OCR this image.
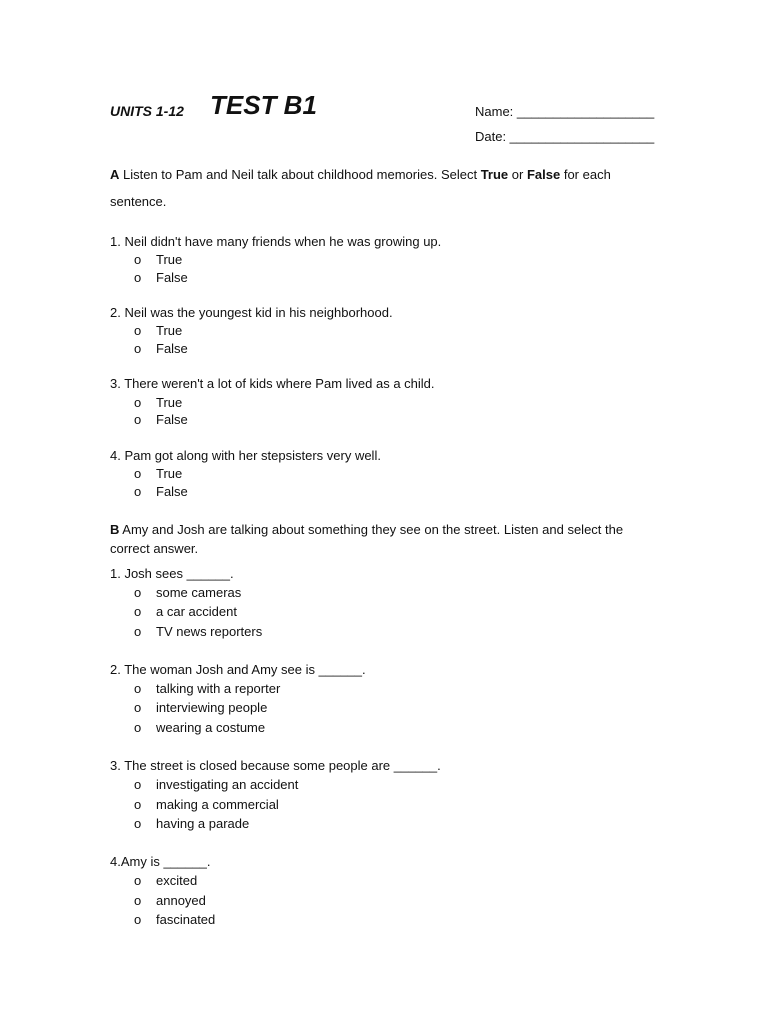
UNITS 1-12 TEST B1	Name: ___________________
Date: ____________________
A Listen to Pam and Neil talk about childhood memories. Select True or False for each sentence.
1. Neil didn't have many friends when he was growing up.
o True
o False
2. Neil was the youngest kid in his neighborhood.
o True
o False
3. There weren't a lot of kids where Pam lived as a child.
o True
o False
4. Pam got along with her stepsisters very well.
o True
o False
B Amy and Josh are talking about something they see on the street. Listen and select the correct answer.
1. Josh sees ______.
o some cameras
o a car accident
o TV news reporters
2. The woman Josh and Amy see is ______.
o talking with a reporter
o interviewing people
o wearing a costume
3. The street is closed because some people are ______.
o investigating an accident
o making a commercial
o having a parade
4.Amy is ______.
o excited
o annoyed
o fascinated
